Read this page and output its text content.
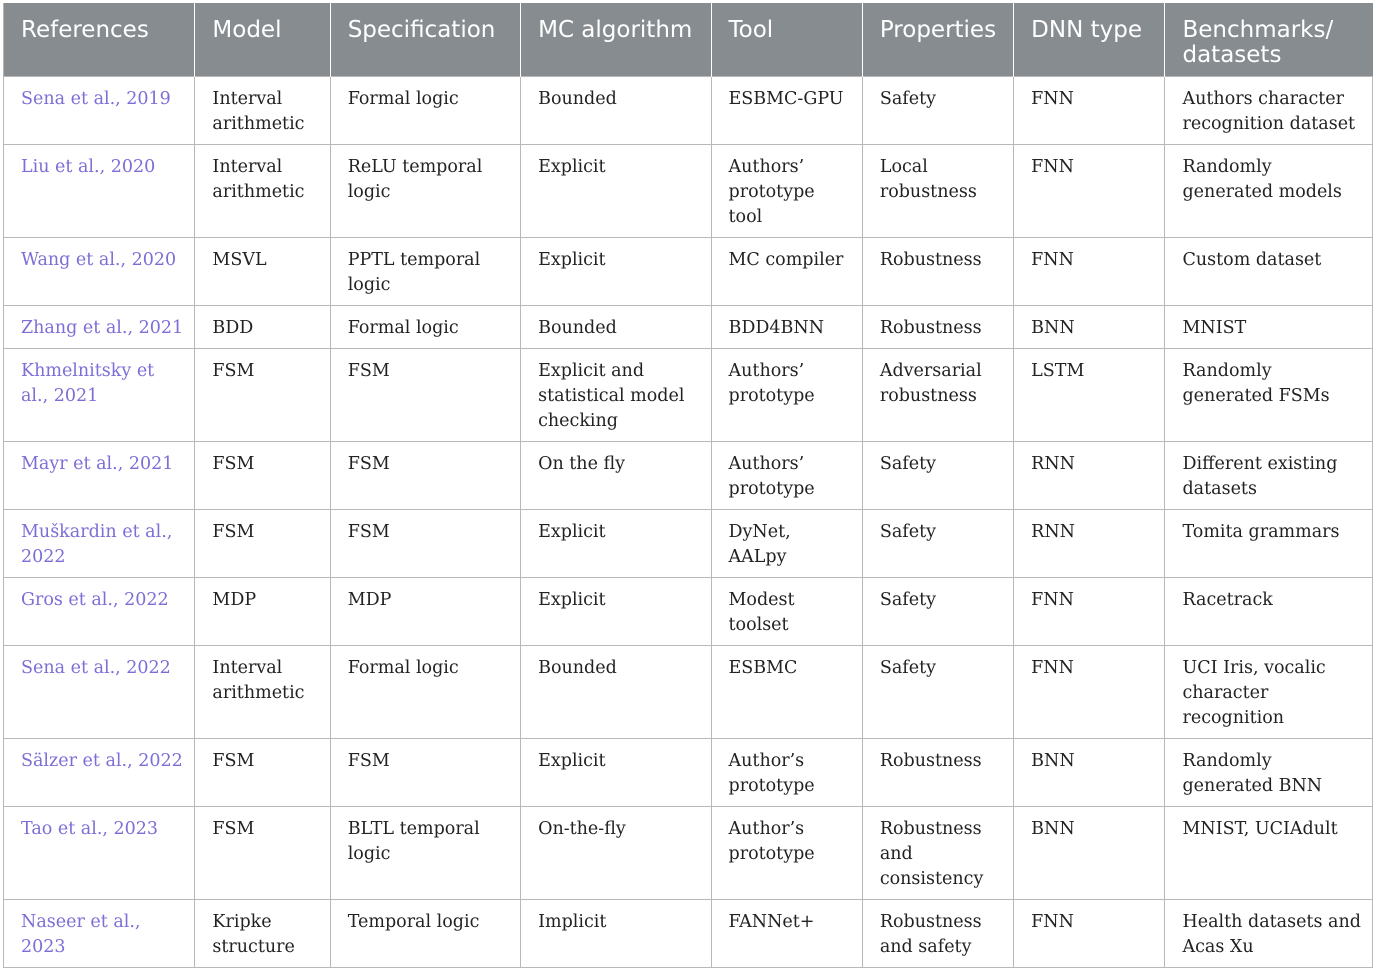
References	Model	Specification	MC algorithm	Tool	Properties	DNN type	Benchmarks/ datasets
Sena et al., 2019	Interval arithmetic	Formal logic	Bounded	ESBMC-GPU	Safety	FNN	Authors character recognition dataset
Liu et al., 2020	Interval arithmetic	ReLU temporal logic	Explicit	Authors’ prototype tool	Local robustness	FNN	Randomly generated models
Wang et al., 2020	MSVL	PPTL temporal logic	Explicit	MC compiler	Robustness	FNN	Custom dataset
Zhang et al., 2021	BDD	Formal logic	Bounded	BDD4BNN	Robustness	BNN	MNIST
Khmelnitsky et al., 2021	FSM	FSM	Explicit and statistical model checking	Authors’ prototype	Adversarial robustness	LSTM	Randomly generated FSMs
Mayr et al., 2021	FSM	FSM	On the fly	Authors’ prototype	Safety	RNN	Different existing datasets
Muškardin et al., 2022	FSM	FSM	Explicit	DyNet, AALpy	Safety	RNN	Tomita grammars
Gros et al., 2022	MDP	MDP	Explicit	Modest toolset	Safety	FNN	Racetrack
Sena et al., 2022	Interval arithmetic	Formal logic	Bounded	ESBMC	Safety	FNN	UCI Iris, vocalic character recognition
Sälzer et al., 2022	FSM	FSM	Explicit	Author’s prototype	Robustness	BNN	Randomly generated BNN
Tao et al., 2023	FSM	BLTL temporal logic	On-the-fly	Author’s prototype	Robustness and consistency	BNN	MNIST, UCIAdult
Naseer et al., 2023	Kripke structure	Temporal logic	Implicit	FANNet+	Robustness and safety	FNN	Health datasets and Acas Xu
